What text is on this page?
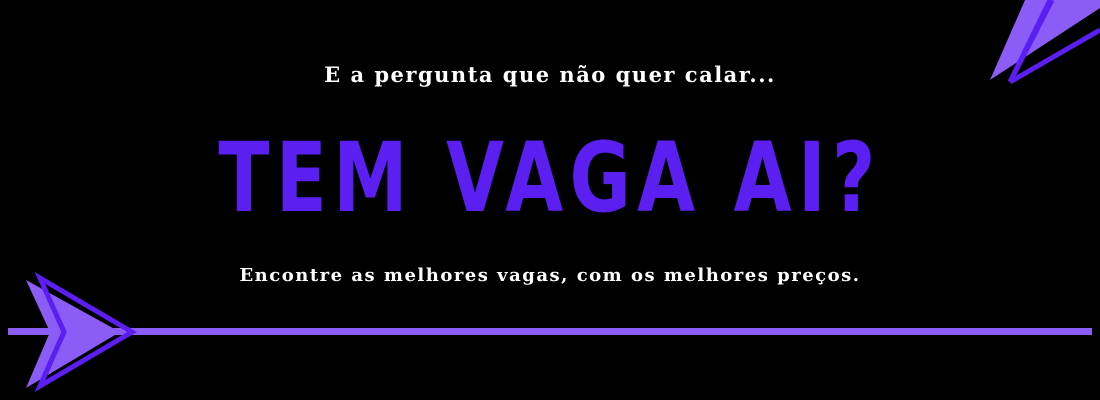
E a pergunta que não quer calar...

TEM VAGA AI?

Encontre as melhores vagas, com os melhores preços.
